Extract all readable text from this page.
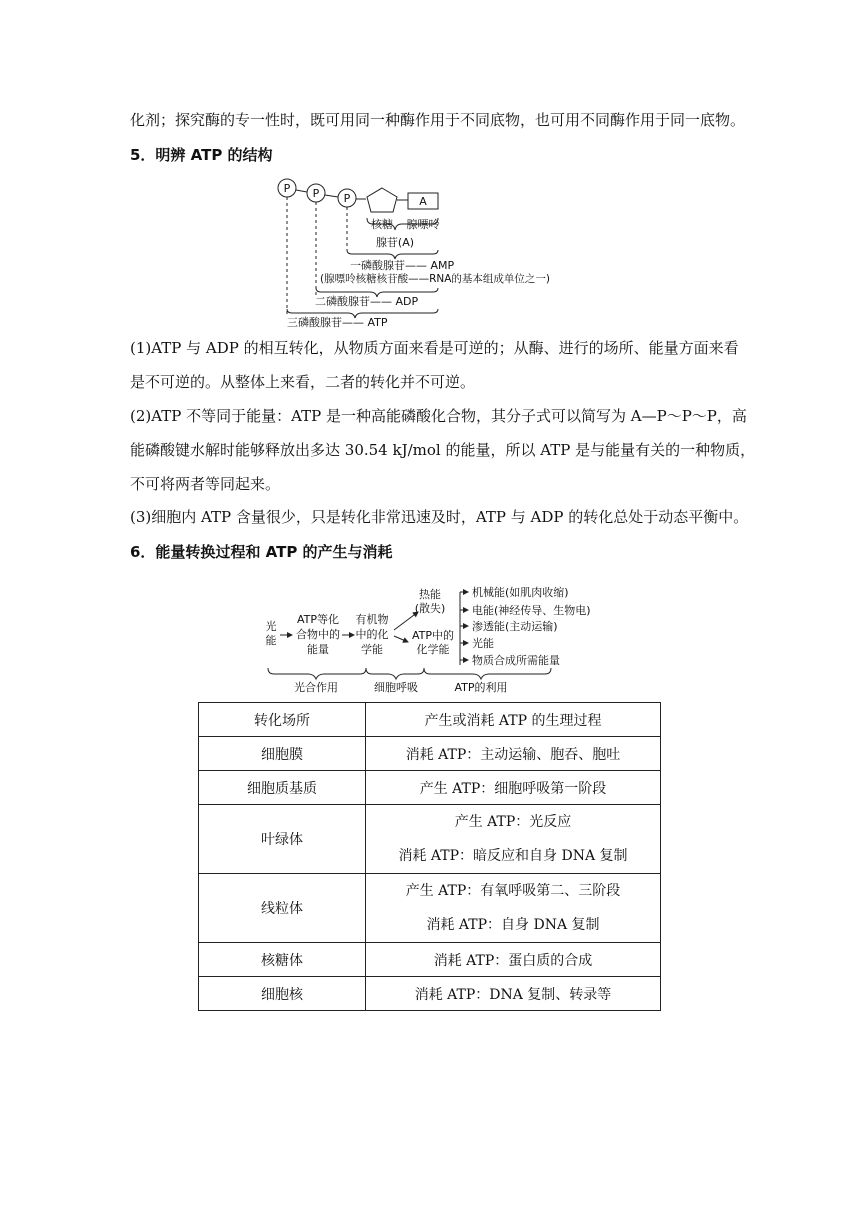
化剂；探究酶的专一性时，既可用同一种酶作用于不同底物，也可用不同酶作用于同一底物。
5．明辨 ATP 的结构
P P P	A
核糖 腺嘌呤
腺苷(A)
一磷酸腺苷—— AMP
(腺嘌呤核糖核苷酸——RNA的基本组成单位之一)
二磷酸腺苷—— ADP
三磷酸腺苷—— ATP
(1)ATP 与 ADP 的相互转化，从物质方面来看是可逆的；从酶、进行的场所、能量方面来看
是不可逆的。从整体上来看，二者的转化并不可逆。
(2)ATP 不等同于能量：ATP 是一种高能磷酸化合物，其分子式可以简写为 A—P～P～P，高
能磷酸键水解时能够释放出多达 30.54 kJ/mol 的能量，所以 ATP 是与能量有关的一种物质，
不可将两者等同起来。
(3)细胞内 ATP 含量很少，只是转化非常迅速及时，ATP 与 ADP 的转化总处于动态平衡中。
6．能量转换过程和 ATP 的产生与消耗
光
能
ATP等化
合物中的
能量
有机物
中的化
学能
热能
(散失)
ATP中的
化学能
机械能(如肌肉收缩)
电能(神经传导、生物电)
渗透能(主动运输)
光能
物质合成所需能量
光合作用	细胞呼吸	ATP的利用
转化场所	产生或消耗 ATP 的生理过程
细胞膜	消耗 ATP：主动运输、胞吞、胞吐
细胞质基质	产生 ATP：细胞呼吸第一阶段
叶绿体	产生 ATP：光反应
消耗 ATP：暗反应和自身 DNA 复制

线粒体	产生 ATP：有氧呼吸第二、三阶段
消耗 ATP：自身 DNA 复制

核糖体	消耗 ATP：蛋白质的合成
细胞核	消耗 ATP：DNA 复制、转录等
